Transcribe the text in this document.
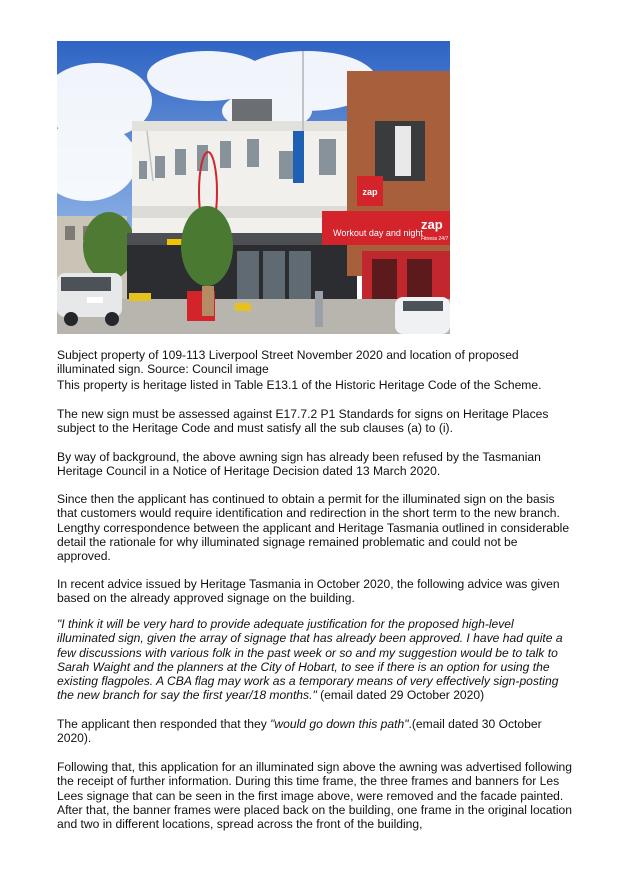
zap
Workout day and night
zap
Fitness 24/7

Subject property of 109-113 Liverpool Street November 2020 and location of proposed illuminated sign. Source: Council image

This property is heritage listed in Table E13.1 of the Historic Heritage Code of the Scheme.

The new sign must be assessed against E17.7.2 P1 Standards for signs on Heritage Places subject to the Heritage Code and must satisfy all the sub clauses (a) to (i).

By way of background, the above awning sign has already been refused by the Tasmanian Heritage Council in a Notice of Heritage Decision dated 13 March 2020.

Since then the applicant has continued to obtain a permit for the illuminated sign on the basis that customers would require identification and redirection in the short term to the new branch. Lengthy correspondence between the applicant and Heritage Tasmania outlined in considerable detail the rationale for why illuminated signage remained problematic and could not be approved.

In recent advice issued by Heritage Tasmania in October 2020, the following advice was given based on the already approved signage on the building.

"I think it will be very hard to provide adequate justification for the proposed high-level illuminated sign, given the array of signage that has already been approved. I have had quite a few discussions with various folk in the past week or so and my suggestion would be to talk to Sarah Waight and the planners at the City of Hobart, to see if there is an option for using the existing flagpoles. A CBA flag may work as a temporary means of very effectively sign-posting the new branch for say the first year/18 months." (email dated 29 October 2020)

The applicant then responded that they "would go down this path".(email dated 30 October 2020).

Following that, this application for an illuminated sign above the awning was advertised following the receipt of further information. During this time frame, the three frames and banners for Les Lees signage that can be seen in the first image above, were removed and the facade painted. After that, the banner frames were placed back on the building, one frame in the original location and two in different locations, spread across the front of the building,
